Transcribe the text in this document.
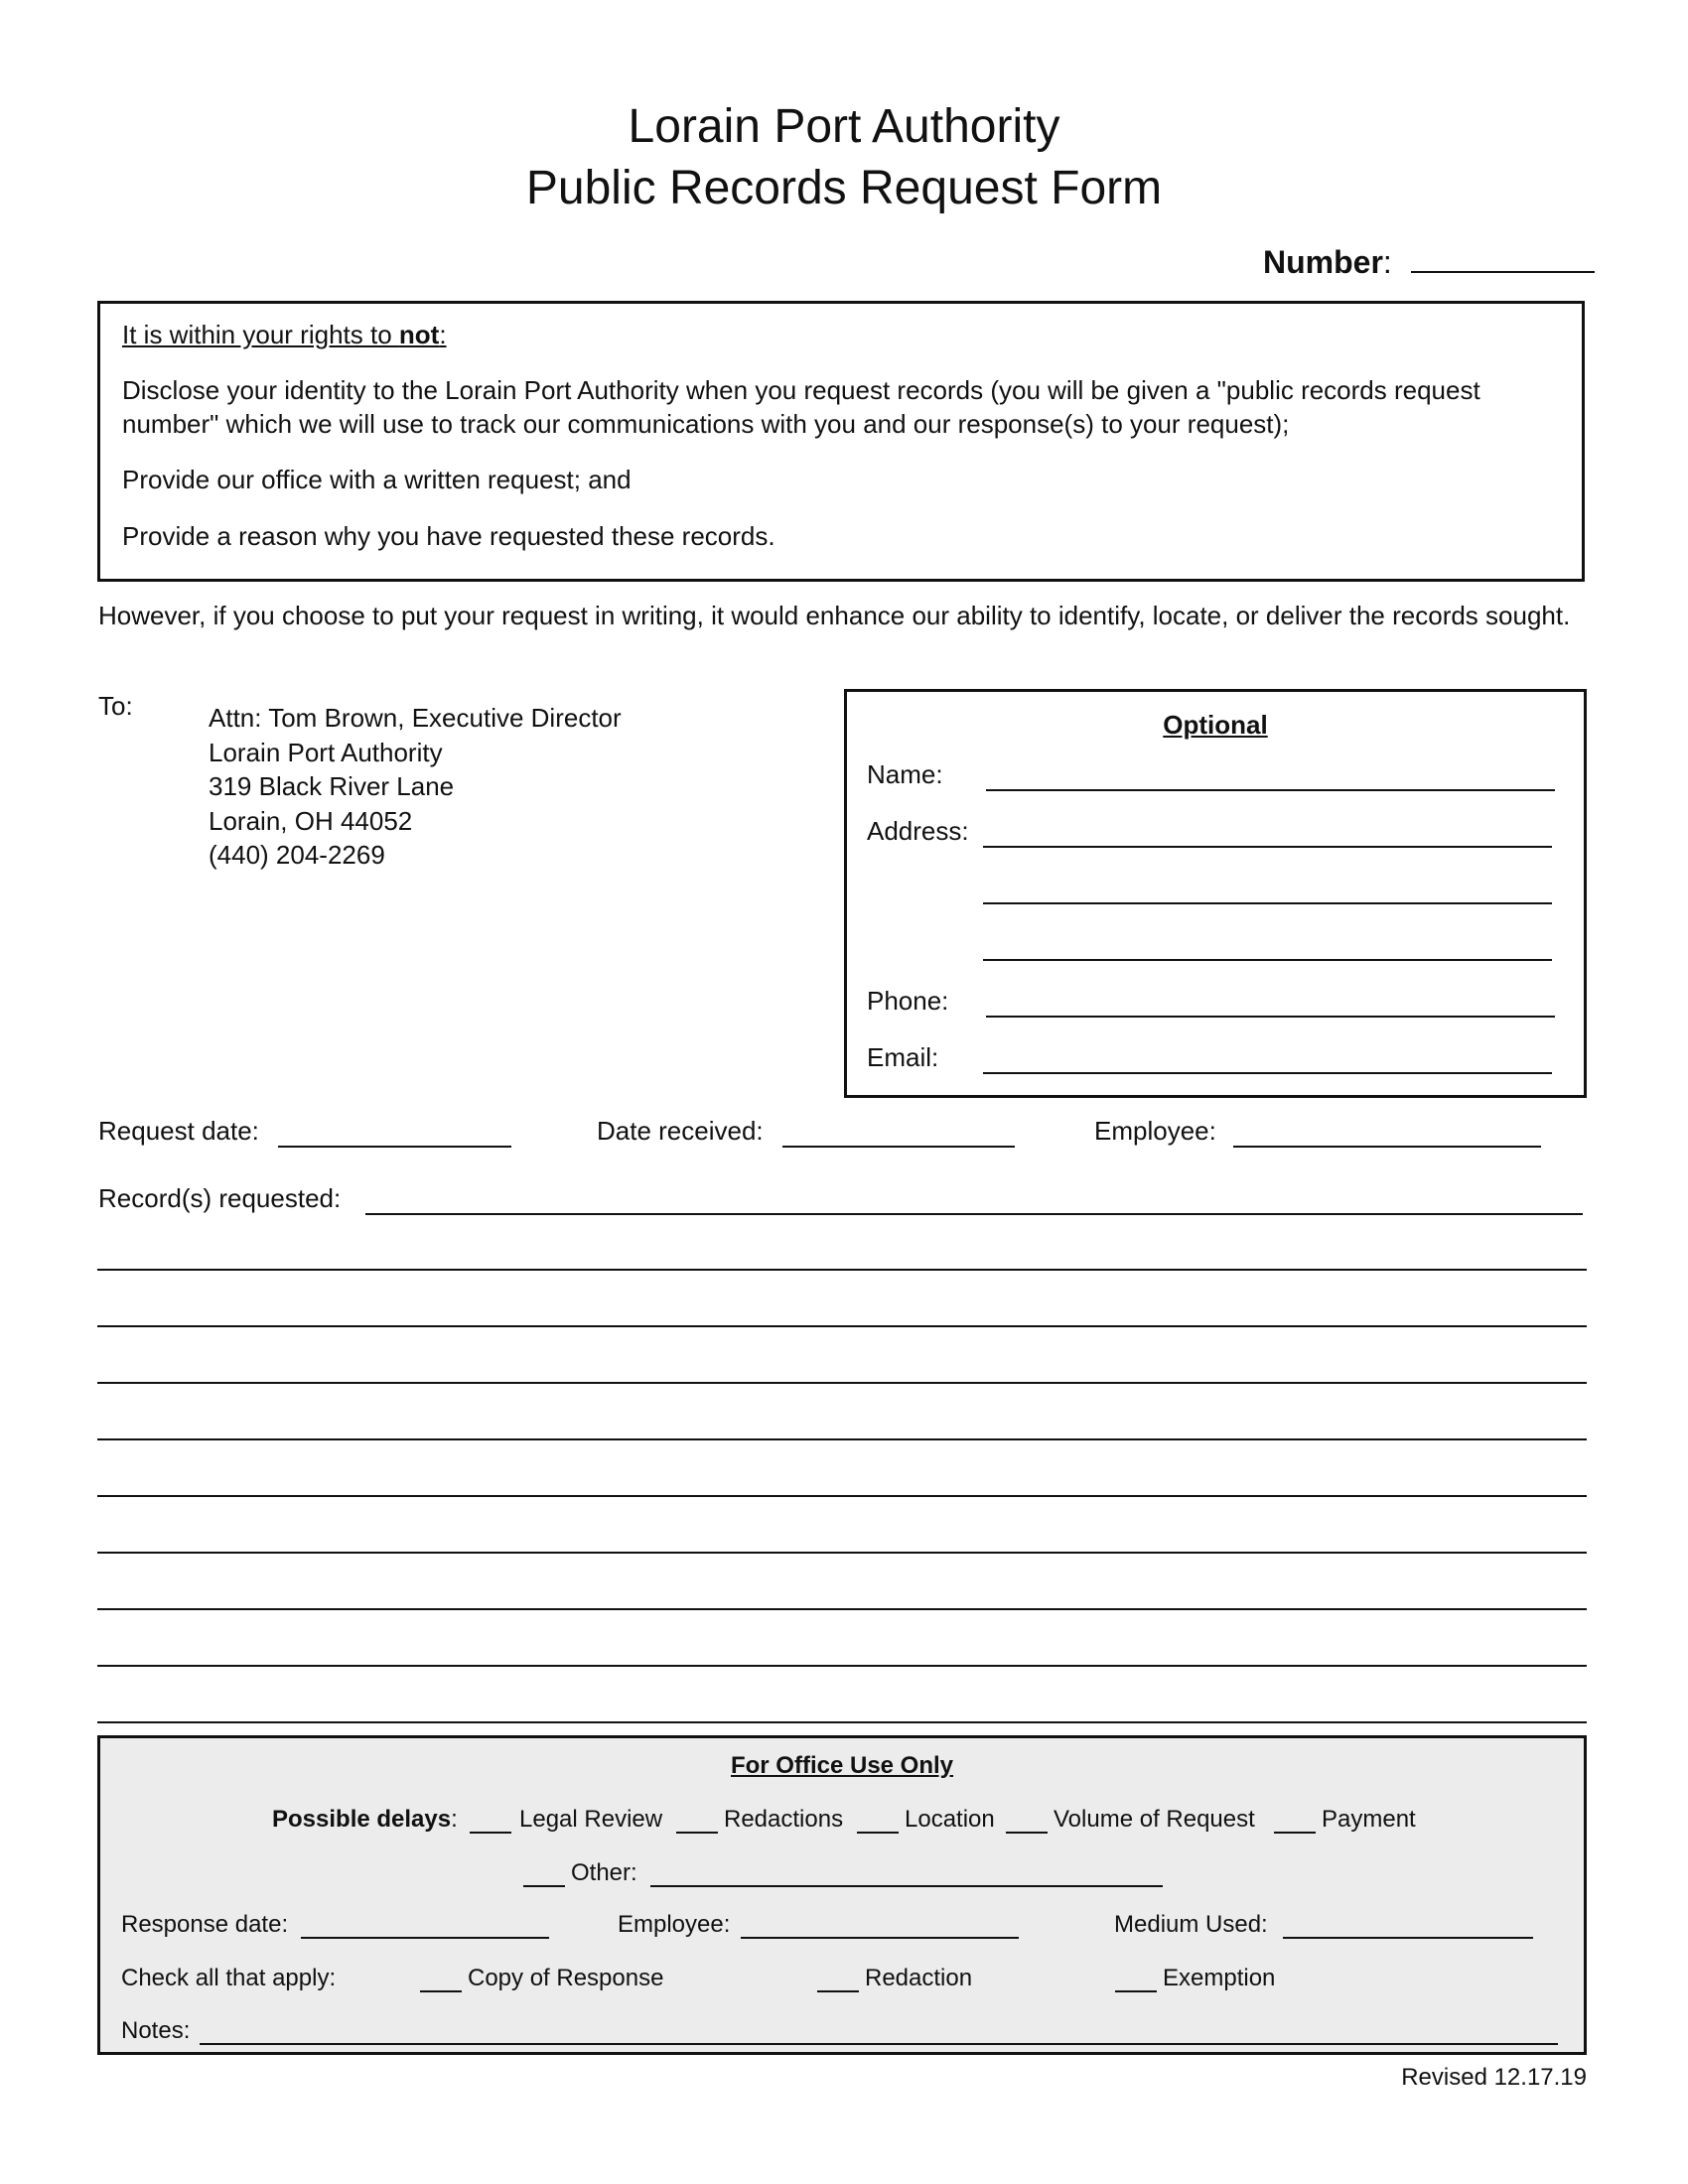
Lorain Port Authority
Public Records Request Form
Number:

It is within your rights to not:

Disclose your identity to the Lorain Port Authority when you request records (you will be given a "public records request number" which we will use to track our communications with you and our response(s) to your request);

Provide our office with a written request; and

Provide a reason why you have requested these records.

However, if you choose to put your request in writing, it would enhance our ability to identify, locate, or deliver the records sought.
To:	Attn: Tom Brown, Executive Director
Lorain Port Authority
319 Black River Lane
Lorain, OH 44052
(440) 204-2269
Optional
Name:
Address:
Phone:
Email:
Request date:	Date received:	Employee:
Record(s) requested:
For Office Use Only
Possible delays:	Legal Review	Redactions	Location Volume of Request	Payment
Other:
Response date:	Employee:	Medium Used:
Check all that apply:	Copy of Response	Redaction	Exemption
Notes:
Revised 12.17.19
